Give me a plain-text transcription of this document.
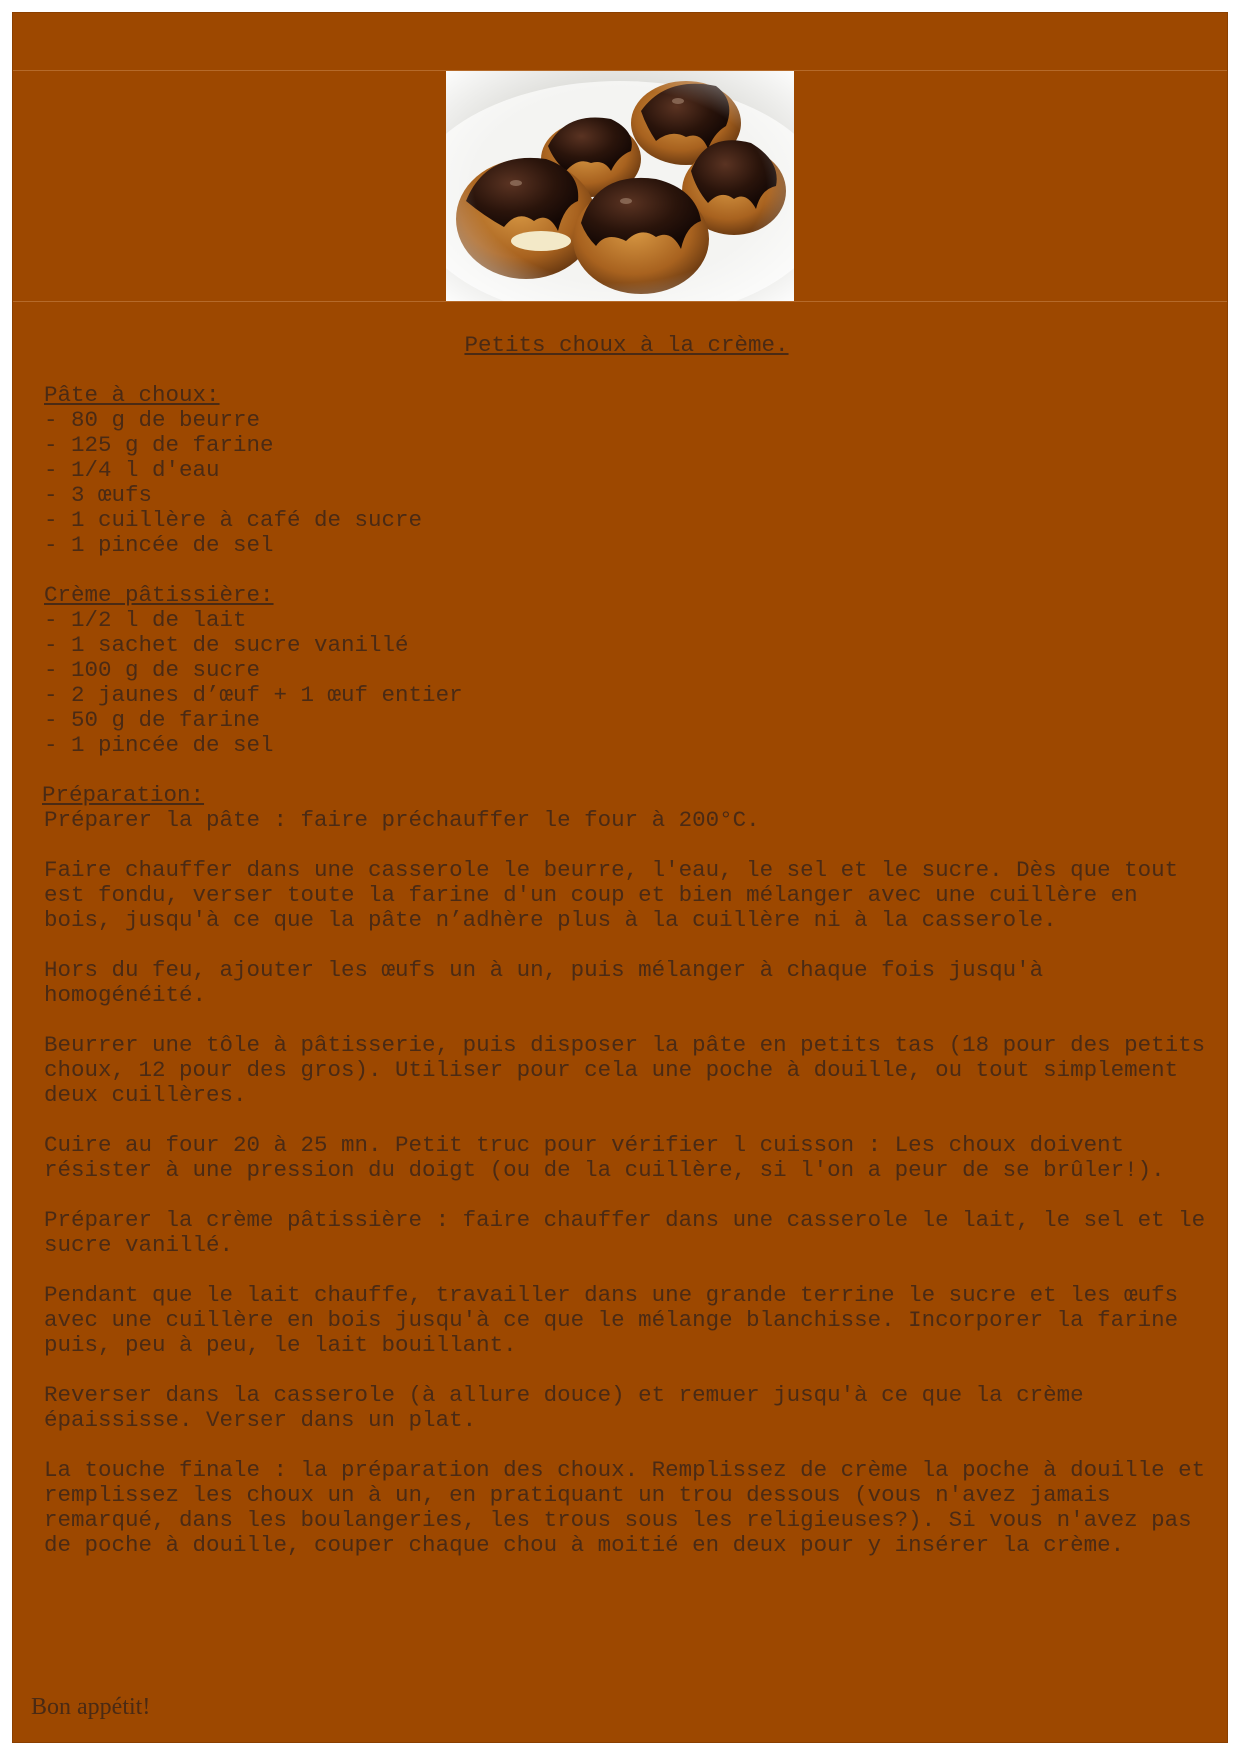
Petits choux à la crème.
Pâte à choux:
- 80 g de beurre
- 125 g de farine
- 1/4 l d'eau
- 3 œufs
- 1 cuillère à café de sucre
- 1 pincée de sel
Crème pâtissière:
- 1/2 l de lait
- 1 sachet de sucre vanillé
- 100 g de sucre
- 2 jaunes d’œuf + 1 œuf entier
- 50 g de farine
- 1 pincée de sel
Préparation:

Préparer la pâte : faire préchauffer le four à 200°C.

Faire chauffer dans une casserole le beurre, l'eau, le sel et le sucre. Dès que tout est fondu, verser toute la farine d'un coup et bien mélanger avec une cuillère en bois, jusqu'à ce que la pâte n’adhère plus à la cuillère ni à la casserole.

Hors du feu, ajouter les œufs un à un, puis mélanger à chaque fois jusqu'à homogénéité.

Beurrer une tôle à pâtisserie, puis disposer la pâte en petits tas (18 pour des petits choux, 12 pour des gros). Utiliser pour cela une poche à douille, ou tout simplement deux cuillères.

Cuire au four 20 à 25 mn. Petit truc pour vérifier l cuisson : Les choux doivent résister à une pression du doigt (ou de la cuillère, si l'on a peur de se brûler!).

Préparer la crème pâtissière : faire chauffer dans une casserole le lait, le sel et le sucre vanillé.

Pendant que le lait chauffe, travailler dans une grande terrine le sucre et les œufs avec une cuillère en bois jusqu'à ce que le mélange blanchisse. Incorporer la farine puis, peu à peu, le lait bouillant.

Reverser dans la casserole (à allure douce) et remuer jusqu'à ce que la crème épaississe. Verser dans un plat.

La touche finale : la préparation des choux. Remplissez de crème la poche à douille et remplissez les choux un à un, en pratiquant un trou dessous (vous n'avez jamais remarqué, dans les boulangeries, les trous sous les religieuses?). Si vous n'avez pas de poche à douille, couper chaque chou à moitié en deux pour y insérer la crème.

Bon appétit!
